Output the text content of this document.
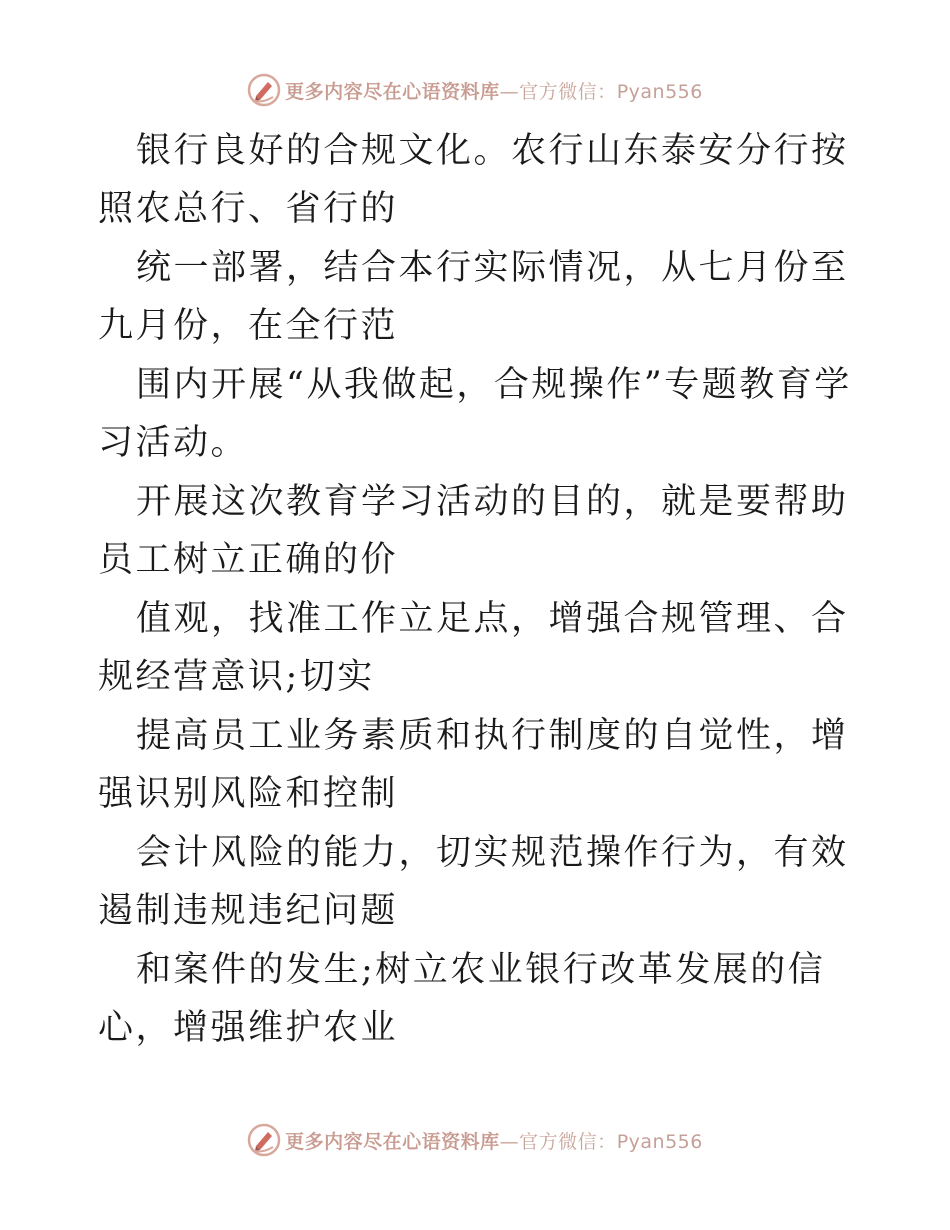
更多内容尽在心语资料库—官方微信：Pyan556

银行良好的合规文化。农行山东泰安分行按照农总行、省行的

统一部署，结合本行实际情况，从七月份至九月份，在全行范

围内开展“从我做起，合规操作”专题教育学习活动。

开展这次教育学习活动的目的，就是要帮助员工树立正确的价

值观，找准工作立足点，增强合规管理、合规经营意识;切实

提高员工业务素质和执行制度的自觉性，增强识别风险和控制

会计风险的能力，切实规范操作行为，有效遏制违规违纪问题

和案件的发生;树立农业银行改革发展的信心，增强维护农业

更多内容尽在心语资料库—官方微信：Pyan556
